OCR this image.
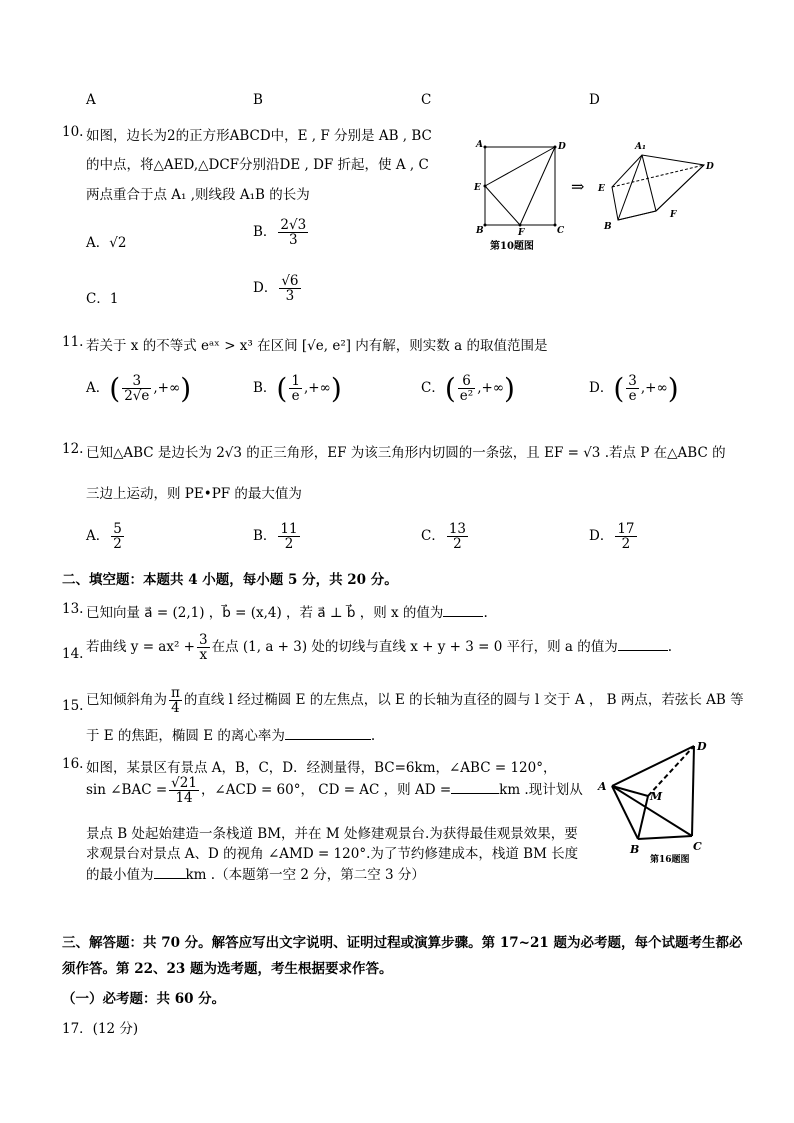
A	B	C	D
10. 如图，边长为2的正方形ABCD中，E , F 分别是 AB , BC
的中点，将△AED,△DCF分别沿DE , DF 折起，使 A , C
两点重合于点 A₁ ,则线段 A₁B 的长为
A．√2
B． $\frac{2√3}{3}$
C．1
D． $\frac{√6}{3}$
A	D
E
B	F	C
A₁
E
D
B
F
⇒
第10题图
11. 若关于 x 的不等式 eᵃˣ > x³ 在区间 [√e, e²] 内有解，则实数 a 的取值范围是
A．( $\frac{3}{2√e}$ ,+∞)	B．( $\frac{1}{e}$ ,+∞)	C．( $\frac{6}{\text{e²}}$ ,+∞)	D．( $\frac{3}{e}$ ,+∞)
12. 已知△ABC 是边长为 2√3 的正三角形，EF 为该三角形内切圆的一条弦，且 EF = √3 .若点 P 在△ABC 的
三边上运动，则 PE•PF 的最大值为
A． $\frac{5}{2}$	B． $\frac{11}{2}$	C． $\frac{13}{2}$	D． $\frac{17}{2}$
二、填空题：本题共 4 小题，每小题 5 分，共 20 分。
13. 已知向量 a⃗ = (2,1) ，b⃗ = (x,4) ，若 a⃗ ⊥ b⃗ ，则 x 的值为	.
14. 若曲线 $y = ax^2 + \frac{3}{x}$ 在点 (1, a + 3) 处的切线与直线 x + y + 3 = 0 平行，则 a 的值为	.
15. 已知倾斜角为 $\frac{\pi}{4}$ 的直线 l 经过椭圆 E 的左焦点，以 E 的长轴为直径的圆与 l 交于 A ， B 两点，若弦长 AB 等
于 E 的焦距，椭圆 E 的离心率为	.
16. 如图，某景区有景点 A，B，C，D．经测量得，BC=6km，∠ABC = 120°，
sin ∠BAC = $\frac{√21}{14}$ ，∠ACD = 60°， CD = AC ，则 AD =	km .现计划从
景点 B 处起始建造一条栈道 BM，并在 M 处修建观景台.为获得最佳观景效果，要
求观景台对景点 A、D 的视角 ∠AMD = 120°.为了节约修建成本，栈道 BM 长度
的最小值为 km .（本题第一空 2 分，第二空 3 分）
D
A
M
B	C
第16题图
三、解答题：共 70 分。解答应写出文字说明、证明过程或演算步骤。第 17~21 题为必考题，每个试题考生都必
须作答。第 22、23 题为选考题，考生根据要求作答。
（一）必考题：共 60 分。
17．(12 分)
